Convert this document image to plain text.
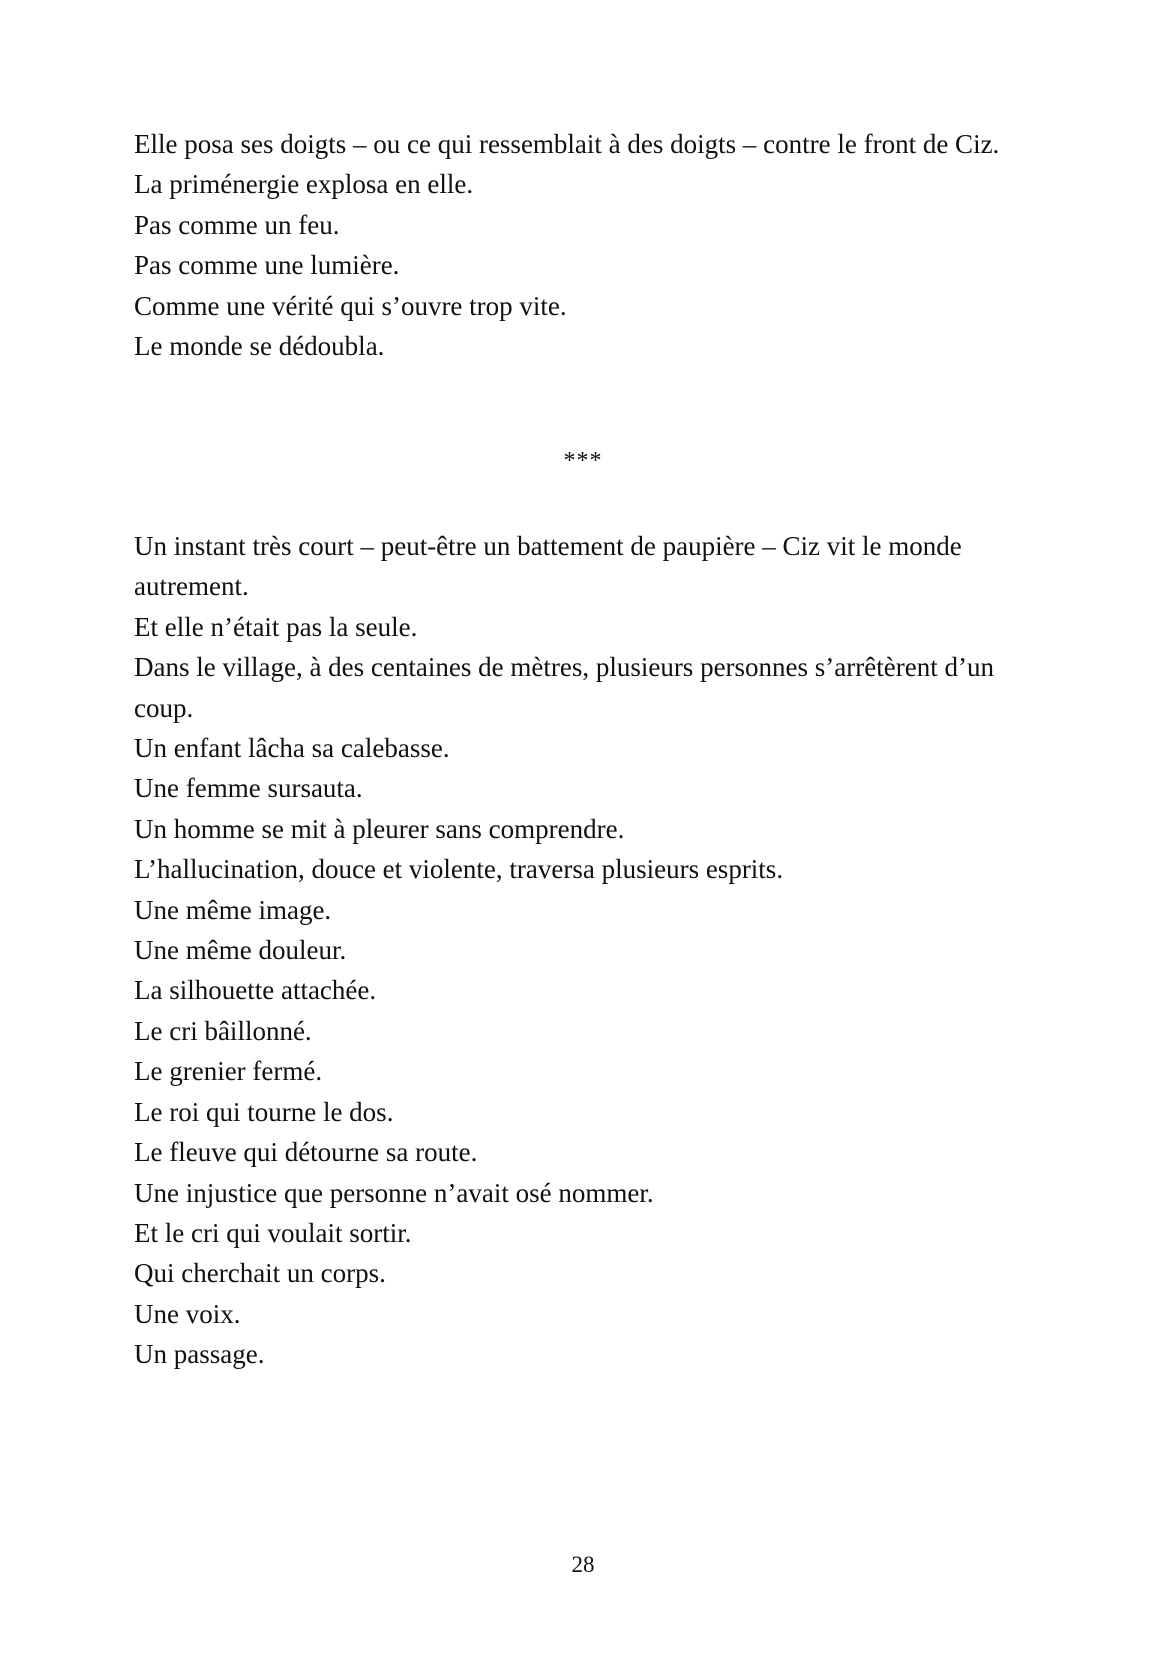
Elle posa ses doigts – ou ce qui ressemblait à des doigts – contre le front de Ciz.

La priménergie explosa en elle.

Pas comme un feu.

Pas comme une lumière.

Comme une vérité qui s’ouvre trop vite.

Le monde se dédoubla.

***

Un instant très court – peut-être un battement de paupière – Ciz vit le monde autrement.

Et elle n’était pas la seule.

Dans le village, à des centaines de mètres, plusieurs personnes s’arrêtèrent d’un coup.

Un enfant lâcha sa calebasse.

Une femme sursauta.

Un homme se mit à pleurer sans comprendre.

L’hallucination, douce et violente, traversa plusieurs esprits.

Une même image.

Une même douleur.

La silhouette attachée.

Le cri bâillonné.

Le grenier fermé.

Le roi qui tourne le dos.

Le fleuve qui détourne sa route.

Une injustice que personne n’avait osé nommer.

Et le cri qui voulait sortir.

Qui cherchait un corps.

Une voix.

Un passage.

28
